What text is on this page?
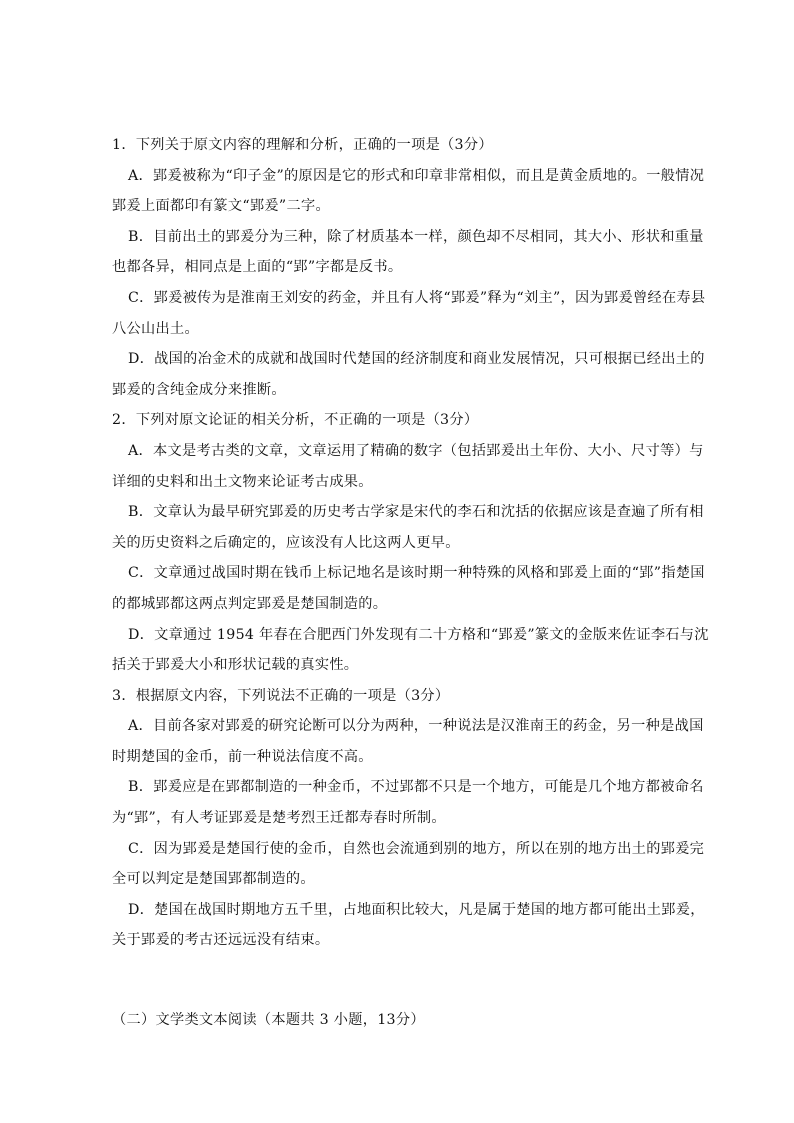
1．下列关于原文内容的理解和分析，正确的一项是（3分）
A．郢爰被称为“印子金”的原因是它的形式和印章非常相似，而且是黄金质地的。一般情况
郢爰上面都印有篆文“郢爰”二字。
B．目前出土的郢爰分为三种，除了材质基本一样，颜色却不尽相同，其大小、形状和重量
也都各异，相同点是上面的“郢”字都是反书。
C．郢爰被传为是淮南王刘安的药金，并且有人将“郢爰”释为“刘主”，因为郢爰曾经在寿县
八公山出土。
D．战国的冶金术的成就和战国时代楚国的经济制度和商业发展情况，只可根据已经出土的
郢爰的含纯金成分来推断。
2．下列对原文论证的相关分析，不正确的一项是（3分）
A．本文是考古类的文章，文章运用了精确的数字（包括郢爰出土年份、大小、尺寸等）与
详细的史料和出土文物来论证考古成果。
B．文章认为最早研究郢爰的历史考古学家是宋代的李石和沈括的依据应该是查遍了所有相
关的历史资料之后确定的，应该没有人比这两人更早。
C．文章通过战国时期在钱币上标记地名是该时期一种特殊的风格和郢爰上面的“郢”指楚国
的都城郢都这两点判定郢爰是楚国制造的。
D．文章通过 1954 年春在合肥西门外发现有二十方格和“郢爰”篆文的金版来佐证李石与沈
括关于郢爰大小和形状记载的真实性。
3．根据原文内容，下列说法不正确的一项是（3分）
A．目前各家对郢爰的研究论断可以分为两种，一种说法是汉淮南王的药金，另一种是战国
时期楚国的金币，前一种说法信度不高。
B．郢爰应是在郢都制造的一种金币，不过郢都不只是一个地方，可能是几个地方都被命名
为“郢”，有人考证郢爰是楚考烈王迁都寿春时所制。
C．因为郢爰是楚国行使的金币，自然也会流通到别的地方，所以在别的地方出土的郢爰完
全可以判定是楚国郢都制造的。
D．楚国在战国时期地方五千里，占地面积比较大，凡是属于楚国的地方都可能出土郢爰，
关于郢爰的考古还远远没有结束。
（二）文学类文本阅读（本题共 3 小题，13分）
